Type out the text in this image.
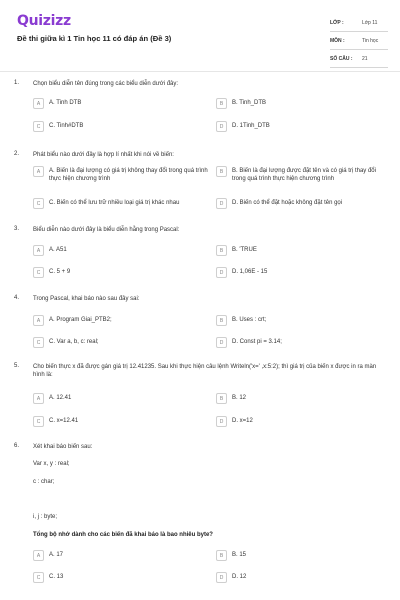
Quizizz
Đề thi giữa kì 1 Tin học 11 có đáp án (Đề 3)
LỚP :	Lớp 11
MÔN :	Tin học
SỐ CÂU :	21
1. Chọn biểu diễn tên đúng trong các biểu diễn dưới đây:
A	A. Tinh DTB	B	B. Tinh_DTB
C	C. Tinh#DTB	D	D. 1Tinh_DTB
2. Phát biểu nào dưới đây là hợp lí nhất khi nói về biến:
A	A. Biến là đại lượng có giá trị không thay đổi trong quá trình thực hiện chương trình
B	B. Biến là đại lượng được đặt tên và có giá trị thay đổi trong quá trình thực hiện chương trình
C	C. Biến có thể lưu trữ nhiều loại giá trị khác nhau	D	D. Biến có thể đặt hoặc không đặt tên gọi
3. Biểu diễn nào dưới đây là biểu diễn hằng trong Pascal:
A	A. A51	B	B. 'TRUE
C	C. 5 + 9	D	D. 1,06E - 15
4. Trong Pascal, khai báo nào sau đây sai:
A	A. Program Giai_PTB2;	B	B. Uses : crt;
C	C. Var a, b, c: real;	D	D. Const pi = 3.14;
5. Cho biến thực x đã được gán giá trị 12.41235. Sau khi thực hiện câu lệnh Writeln('x=' ,x:5:2); thì giá trị của biến x được in ra màn hình là:
A	A. 12.41	B	B. 12
C	C. x=12.41	D	D. x=12
6. Xét khai báo biến sau:
Var x, y : real;
c : char;
i, j : byte;
Tổng bộ nhớ dành cho các biến đã khai báo là bao nhiêu byte?
A	A. 17	B	B. 15
C	C. 13	D	D. 12
